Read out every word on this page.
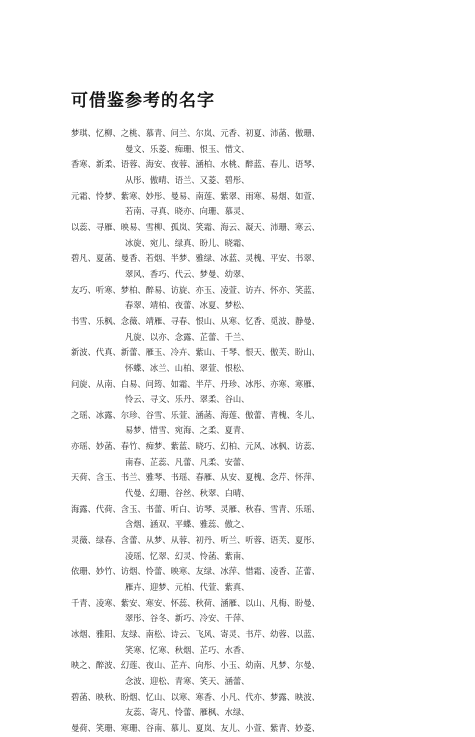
可借鉴参考的名字
梦琪、忆柳、之桃、慕青、问兰、尔岚、元香、初夏、沛菡、傲珊、
曼文、乐菱、痴珊、恨玉、惜文、
香寒、新柔、语蓉、海安、夜蓉、涵柏、水桃、醉蓝、春儿、语琴、
从彤、傲晴、语兰、又菱、碧彤、
元霜、怜梦、紫寒、妙彤、曼易、南莲、紫翠、雨寒、易烟、如萱、
若南、寻真、晓亦、向珊、慕灵、
以蕊、寻雁、映易、雪柳、孤岚、笑霜、海云、凝天、沛珊、寒云、
冰旋、宛儿、绿真、盼儿、晓霜、
碧凡、夏菡、曼香、若烟、半梦、雅绿、冰蓝、灵槐、平安、书翠、
翠风、香巧、代云、梦曼、幼翠、
友巧、听寒、梦柏、醉易、访旋、亦玉、凌萱、访卉、怀亦、笑蓝、
春翠、靖柏、夜蕾、冰夏、梦松、
书雪、乐枫、念薇、靖雁、寻春、恨山、从寒、忆香、觅波、静曼、
凡旋、以亦、念露、芷蕾、千兰、
新波、代真、新蕾、雁玉、冷卉、紫山、千琴、恨天、傲芙、盼山、
怀蝶、冰兰、山柏、翠萱、恨松、
问旋、从南、白易、问筠、如霜、半芹、丹珍、冰彤、亦寒、寒雁、
怜云、寻文、乐丹、翠柔、谷山、
之瑶、冰露、尔珍、谷雪、乐萱、涵菡、海莲、傲蕾、青槐、冬儿、
易梦、惜雪、宛海、之柔、夏青、
亦瑶、妙菡、春竹、痴梦、紫蓝、晓巧、幻柏、元风、冰枫、访蕊、
南春、芷蕊、凡蕾、凡柔、安蕾、
天荷、含玉、书兰、雅琴、书瑶、春雁、从安、夏槐、念芹、怀萍、
代曼、幻珊、谷丝、秋翠、白晴、
海露、代荷、含玉、书蕾、听白、访琴、灵雁、秋春、雪青、乐瑶、
含烟、涵双、平蝶、雅蕊、傲之、
灵薇、绿春、含蕾、从梦、从蓉、初丹、听兰、听蓉、语芙、夏彤、
凌瑶、忆翠、幻灵、怜菡、紫南、
依珊、妙竹、访烟、怜蕾、映寒、友绿、冰萍、惜霜、凌香、芷蕾、
雁卉、迎梦、元柏、代萱、紫真、
千青、凌寒、紫安、寒安、怀蕊、秋荷、涵雁、以山、凡梅、盼曼、
翠彤、谷冬、新巧、冷安、千萍、
冰烟、雅阳、友绿、南松、诗云、飞风、寄灵、书芹、幼蓉、以蓝、
笑寒、忆寒、秋烟、芷巧、水香、
映之、醉波、幻莲、夜山、芷卉、向彤、小玉、幼南、凡梦、尔曼、
念波、迎松、青寒、笑天、涵蕾、
碧菡、映秋、盼烟、忆山、以寒、寒香、小凡、代亦、梦露、映波、
友蕊、寄凡、怜蕾、雁枫、水绿、
曼荷、笑珊、寒珊、谷南、慕儿、夏岚、友儿、小萱、紫青、妙菱、
